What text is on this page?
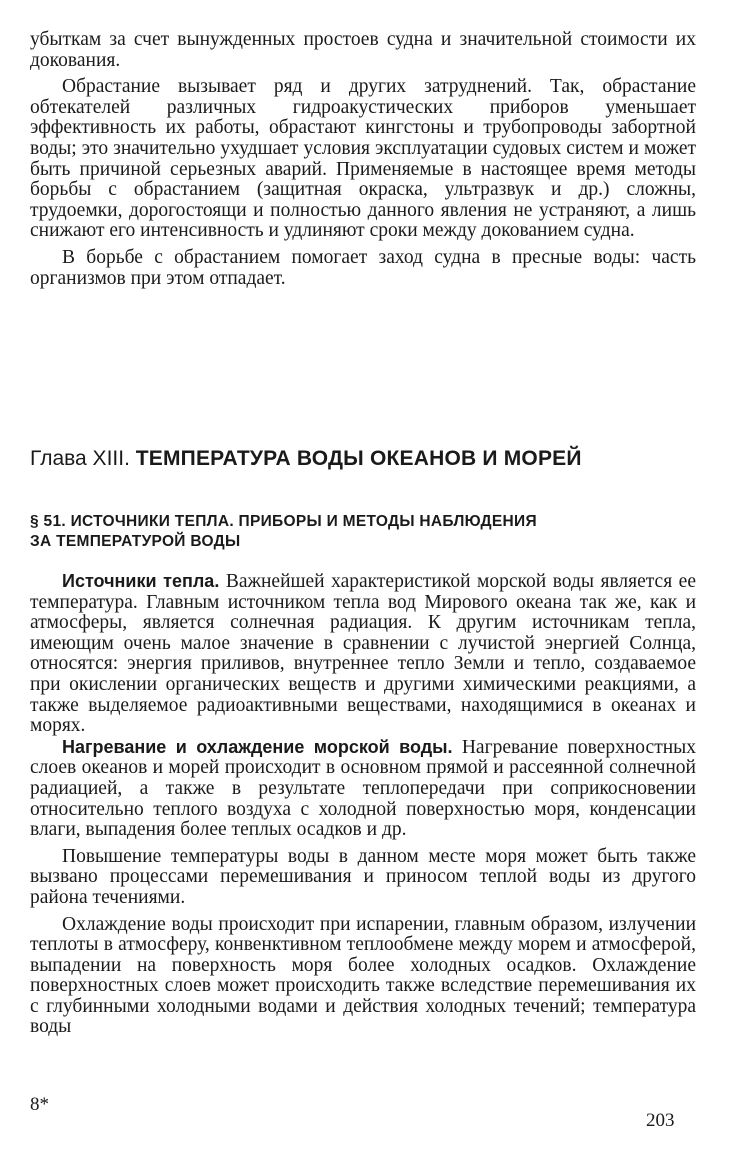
убыткам за счет вынужденных простоев судна и значительной стоимости их докования.

Обрастание вызывает ряд и других затруднений. Так, обрастание обтекателей различных гидроакустических приборов уменьшает эффективность их работы, обрастают кингстоны и трубопроводы забортной воды; это значительно ухудшает условия эксплуатации судовых систем и может быть причиной серьезных аварий. Применяемые в настоящее время методы борьбы с обрастанием (защитная окраска, ультразвук и др.) сложны, трудоемки, дорогостоящи и полностью данного явления не устраняют, а лишь снижают его интенсивность и удлиняют сроки между докованием судна.

В борьбе с обрастанием помогает заход судна в пресные воды: часть организмов при этом отпадает.

Глава XIII. ТЕМПЕРАТУРА ВОДЫ ОКЕАНОВ И МОРЕЙ
§ 51. ИСТОЧНИКИ ТЕПЛА. ПРИБОРЫ И МЕТОДЫ НАБЛЮДЕНИЯ
ЗА ТЕМПЕРАТУРОЙ ВОДЫ

Источники тепла. Важнейшей характеристикой морской воды является ее температура. Главным источником тепла вод Мирового океана так же, как и атмосферы, является солнечная радиация. К другим источникам тепла, имеющим очень малое значение в сравнении с лучистой энергией Солнца, относятся: энергия приливов, внутреннее тепло Земли и тепло, создаваемое при окислении органических веществ и другими химическими реакциями, а также выделяемое радиоактивными веществами, находящимися в океанах и морях.

Нагревание и охлаждение морской воды. Нагревание поверхностных слоев океанов и морей происходит в основном прямой и рассеянной солнечной радиацией, а также в результате теплопередачи при соприкосновении относительно теплого воздуха с холодной поверхностью моря, конденсации влаги, выпадения более теплых осадков и др.

Повышение температуры воды в данном месте моря может быть также вызвано процессами перемешивания и приносом теплой воды из другого района течениями.

Охлаждение воды происходит при испарении, главным образом, излучении теплоты в атмосферу, конвенктивном теплообмене между морем и атмосферой, выпадении на поверхность моря более холодных осадков. Охлаждение поверхностных слоев может происходить также вследствие перемешивания их с глубинными холодными водами и действия холодных течений; температура воды

8*
203
